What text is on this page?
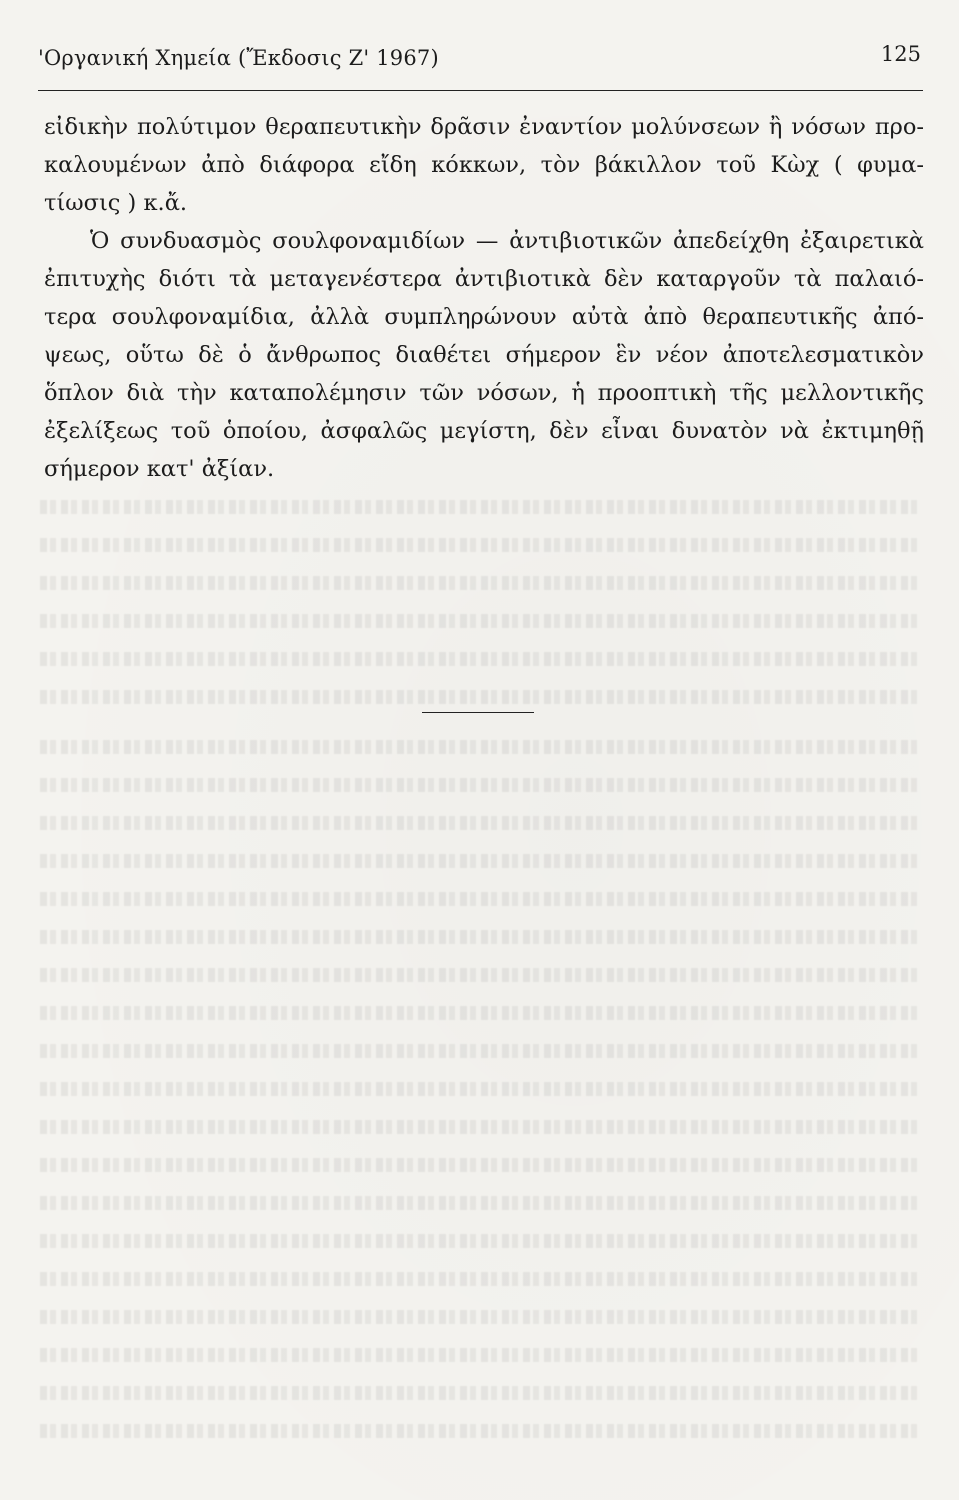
'Οργανική Χημεία (Ἔκδοσις Ζ' 1967)	125
εἰδικὴν πολύτιμον θεραπευτικὴν δρᾶσιν ἐναντίον μολύνσεων ἢ νόσων προ-
καλουμένων ἀπὸ διάφορα εἴδη κόκκων, τὸν βάκιλλον τοῦ Κὼχ ( φυμα-
τίωσις ) κ.ἄ.
Ὁ συνδυασμὸς σουλφοναμιδίων — ἀντιβιοτικῶν ἀπεδείχθη ἐξαιρετικὰ
ἐπιτυχὴς διότι τὰ μεταγενέστερα ἀντιβιοτικὰ δὲν καταργοῦν τὰ παλαιό-
τερα σουλφοναμίδια, ἀλλὰ συμπληρώνουν αὐτὰ ἀπὸ θεραπευτικῆς ἀπό-
ψεως, οὕτω δὲ ὁ ἄνθρωπος διαθέτει σήμερον ἓν νέον ἀποτελεσματικὸν
ὅπλον διὰ τὴν καταπολέμησιν τῶν νόσων, ἡ προοπτικὴ τῆς μελλοντικῆς
ἐξελίξεως τοῦ ὁποίου, ἀσφαλῶς μεγίστη, δὲν εἶναι δυνατὸν νὰ ἐκτιμηθῇ
σήμερον κατ' ἀξίαν.
